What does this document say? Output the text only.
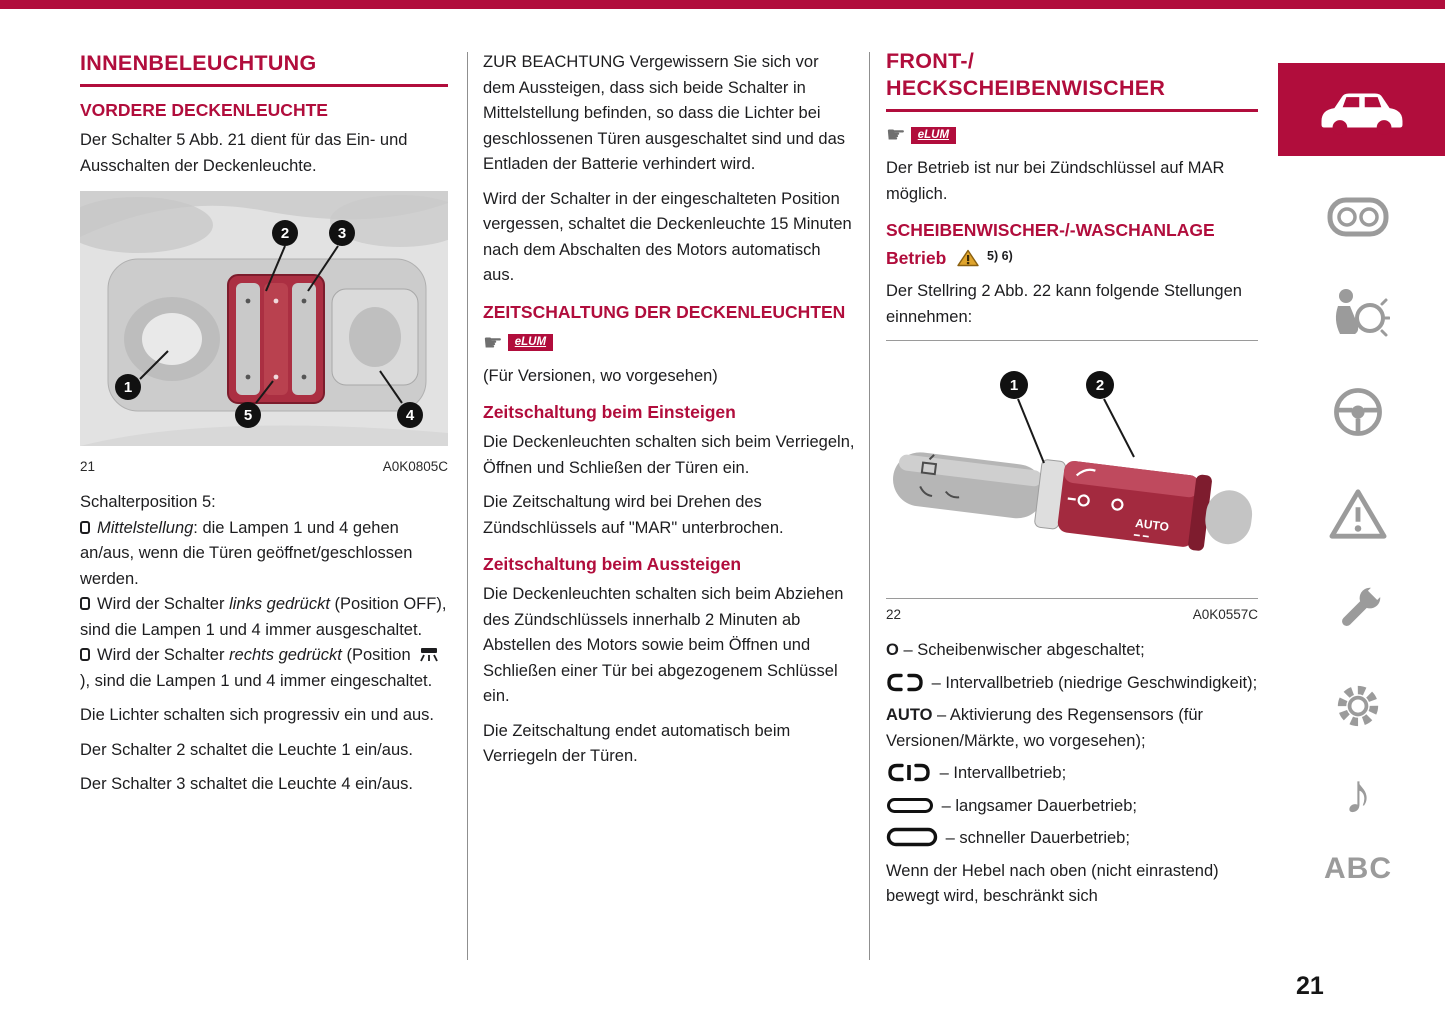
INNENBELEUCHTUNG
VORDERE DECKENLEUCHTE

Der Schalter 5 Abb. 21 dient für das Ein- und Ausschalten der Deckenleuchte.

1
2	3
4
5
21	A0K0805C

Schalterposition 5:

Mittelstellung: die Lampen 1 und 4 gehen an/aus, wenn die Türen geöffnet/geschlossen werden.

Wird der Schalter links gedrückt (Position OFF), sind die Lampen 1 und 4 immer ausgeschaltet.

Wird der Schalter rechts gedrückt (Position  ), sind die Lampen 1 und 4 immer eingeschaltet.

Die Lichter schalten sich progressiv ein und aus.

Der Schalter 2 schaltet die Leuchte 1 ein/aus.

Der Schalter 3 schaltet die Leuchte 4 ein/aus.

ZUR BEACHTUNG Vergewissern Sie sich vor dem Aussteigen, dass sich beide Schalter in Mittelstellung befinden, so dass die Lichter bei geschlossenen Türen ausgeschaltet sind und das Entladen der Batterie verhindert wird.

Wird der Schalter in der eingeschalteten Position vergessen, schaltet die Deckenleuchte 15 Minuten nach dem Abschalten des Motors automatisch aus.

ZEITSCHALTUNG DER DECKENLEUCHTEN
☛	eLUM

(Für Versionen, wo vorgesehen)

Zeitschaltung beim Einsteigen

Die Deckenleuchten schalten sich beim Verriegeln, Öffnen und Schließen der Türen ein.

Die Zeitschaltung wird bei Drehen des Zündschlüssels auf "MAR" unterbrochen.

Zeitschaltung beim Aussteigen

Die Deckenleuchten schalten sich beim Abziehen des Zündschlüssels innerhalb 2 Minuten ab Abstellen des Motors sowie beim Öffnen und Schließen einer Tür bei abgezogenem Schlüssel ein.

Die Zeitschaltung endet automatisch beim Verriegeln der Türen.

FRONT-/
HECKSCHEIBENWISCHER
☛	eLUM

Der Betrieb ist nur bei Zündschlüssel auf MAR möglich.

SCHEIBENWISCHER-/-WASCHANLAGE
Betrieb	$^{5) 6)}$

Der Stellring 2 Abb. 22 kann folgende Stellungen einnehmen:

AUTO
1	2
22	A0K0557C

O – Scheibenwischer abgeschaltet;

– Intervallbetrieb (niedrige Geschwindigkeit);

AUTO – Aktivierung des Regensensors (für Versionen/Märkte, wo vorgesehen);

– Intervallbetrieb;

– langsamer Dauerbetrieb;

– schneller Dauerbetrieb;

Wenn der Hebel nach oben (nicht einrastend) bewegt wird, beschränkt sich

♪
ABC
21
